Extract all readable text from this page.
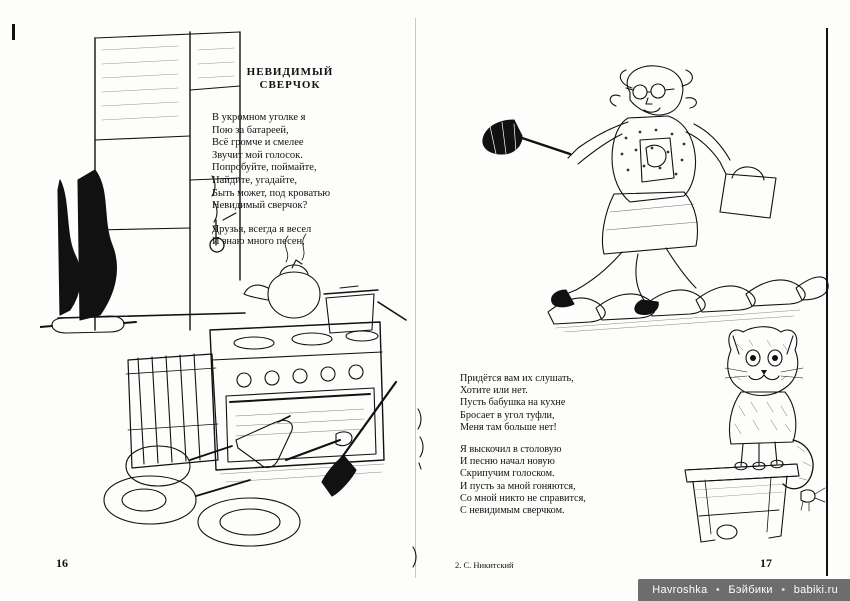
НЕВИДИМЫЙ
СВЕРЧОК
В укромном уголке я
Пою за батареей,
Всё громче и смелее
Звучит мой голосок.
Попробуйте, поймайте,
Найдите, угадайте,
Быть может, под кроватью
Невидимый сверчок?
Друзья, всегда я весел
И знаю много песен,
16
Придётся вам их слушать,
Хотите или нет.
Пусть бабушка на кухне
Бросает в угол туфли,
Меня там больше нет!
Я выскочил в столовую
И песню начал новую
Скрипучим голоском.
И пусть за мной гоняются,
Со мной никто не справится,
С невидимым сверчком.
2. С. Никитский	17
Havroshka • Бэйбики • babiki.ru
